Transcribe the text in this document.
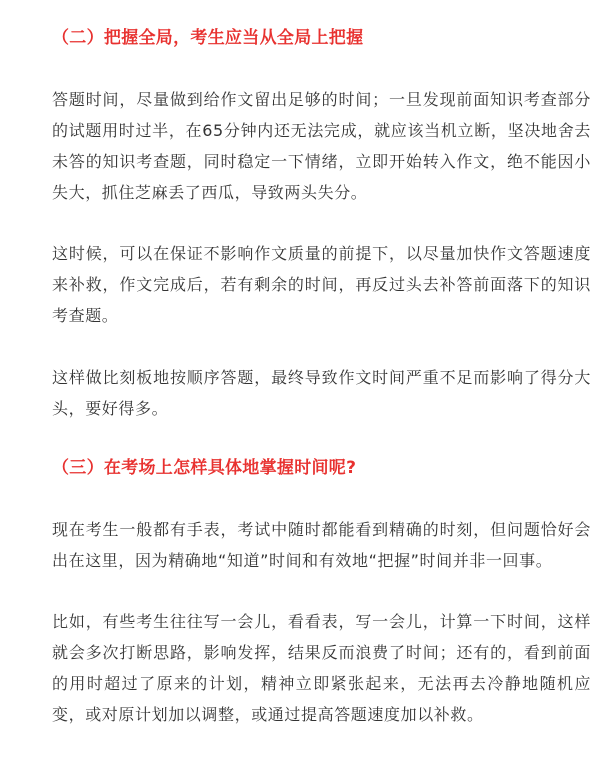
（二）把握全局，考生应当从全局上把握

答题时间，尽量做到给作文留出足够的时间；一旦发现前面知识考查部分的试题用时过半，在65分钟内还无法完成，就应该当机立断，坚决地舍去未答的知识考查题，同时稳定一下情绪，立即开始转入作文，绝不能因小失大，抓住芝麻丢了西瓜，导致两头失分。

这时候，可以在保证不影响作文质量的前提下，以尽量加快作文答题速度来补救，作文完成后，若有剩余的时间，再反过头去补答前面落下的知识考查题。

这样做比刻板地按顺序答题，最终导致作文时间严重不足而影响了得分大头，要好得多。

（三）在考场上怎样具体地掌握时间呢?

现在考生一般都有手表，考试中随时都能看到精确的时刻，但问题恰好会出在这里，因为精确地“知道”时间和有效地“把握”时间并非一回事。

比如，有些考生往往写一会儿，看看表，写一会儿，计算一下时间，这样就会多次打断思路，影响发挥，结果反而浪费了时间；还有的，看到前面的用时超过了原来的计划，精神立即紧张起来，无法再去冷静地随机应变，或对原计划加以调整，或通过提高答题速度加以补救。
